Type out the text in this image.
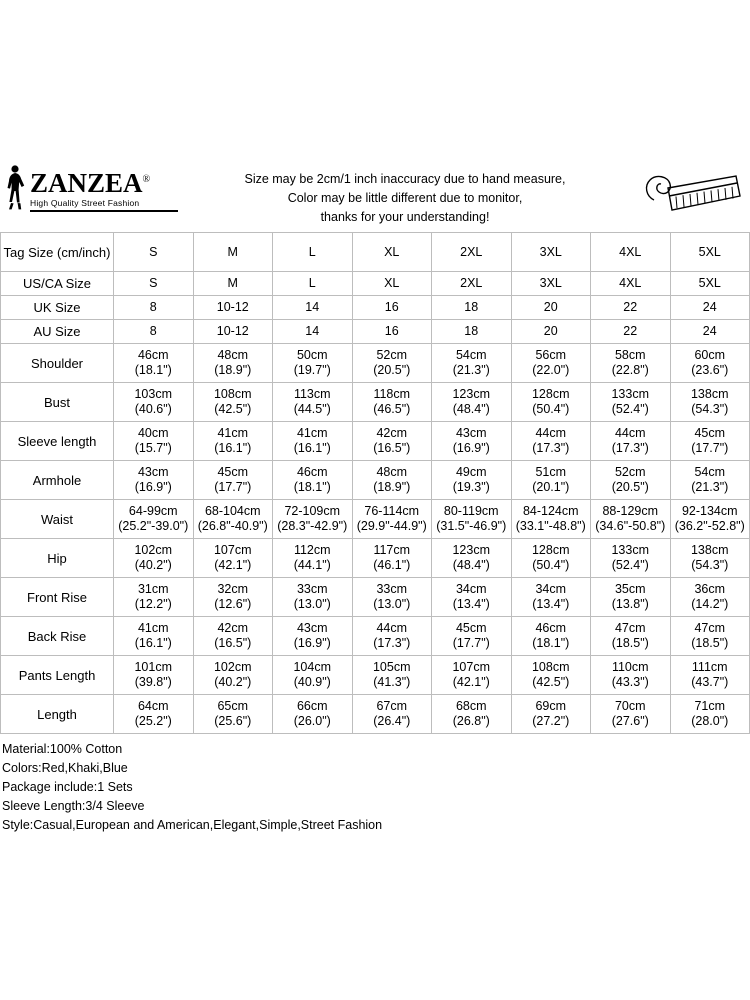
ZANZEA®
High Quality Street Fashion
Size may be 2cm/1 inch inaccuracy due to hand measure,
Color may be little different due to monitor,
thanks for your understanding!
Tag Size (cm/inch)	S	M	L	XL	2XL	3XL	4XL	5XL

US/CA Size	S	M	L	XL	2XL	3XL	4XL	5XL

UK Size	8	10-12	14	16	18	20	22	24

AU Size	8	10-12	14	16	18	20	22	24

Shoulder	46cm
(18.1")	48cm
(18.9")	50cm
(19.7")	52cm
(20.5")	54cm
(21.3")	56cm
(22.0")	58cm
(22.8")	60cm
(23.6")

Bust	103cm
(40.6")	108cm
(42.5")	113cm
(44.5")	118cm
(46.5")	123cm
(48.4")	128cm
(50.4")	133cm
(52.4")	138cm
(54.3")

Sleeve length	40cm
(15.7")	41cm
(16.1")	41cm
(16.1")	42cm
(16.5")	43cm
(16.9")	44cm
(17.3")	44cm
(17.3")	45cm
(17.7")

Armhole	43cm
(16.9")	45cm
(17.7")	46cm
(18.1")	48cm
(18.9")	49cm
(19.3")	51cm
(20.1")	52cm
(20.5")	54cm
(21.3")

Waist	64-99cm
(25.2"-39.0")	68-104cm
(26.8"-40.9")	72-109cm
(28.3"-42.9")	76-114cm
(29.9"-44.9")	80-119cm
(31.5"-46.9")	84-124cm
(33.1"-48.8")	88-129cm
(34.6"-50.8")	92-134cm
(36.2"-52.8")

Hip	102cm
(40.2")	107cm
(42.1")	112cm
(44.1")	117cm
(46.1")	123cm
(48.4")	128cm
(50.4")	133cm
(52.4")	138cm
(54.3")

Front Rise	31cm
(12.2")	32cm
(12.6")	33cm
(13.0")	33cm
(13.0")	34cm
(13.4")	34cm
(13.4")	35cm
(13.8")	36cm
(14.2")

Back Rise	41cm
(16.1")	42cm
(16.5")	43cm
(16.9")	44cm
(17.3")	45cm
(17.7")	46cm
(18.1")	47cm
(18.5")	47cm
(18.5")

Pants Length	101cm
(39.8")	102cm
(40.2")	104cm
(40.9")	105cm
(41.3")	107cm
(42.1")	108cm
(42.5")	110cm
(43.3")	111cm
(43.7")

Length	64cm
(25.2")	65cm
(25.6")	66cm
(26.0")	67cm
(26.4")	68cm
(26.8")	69cm
(27.2")	70cm
(27.6")	71cm
(28.0")
Material:100% Cotton
Colors:Red,Khaki,Blue
Package include:1 Sets
Sleeve Length:3/4 Sleeve
Style:Casual,European and American,Elegant,Simple,Street Fashion
